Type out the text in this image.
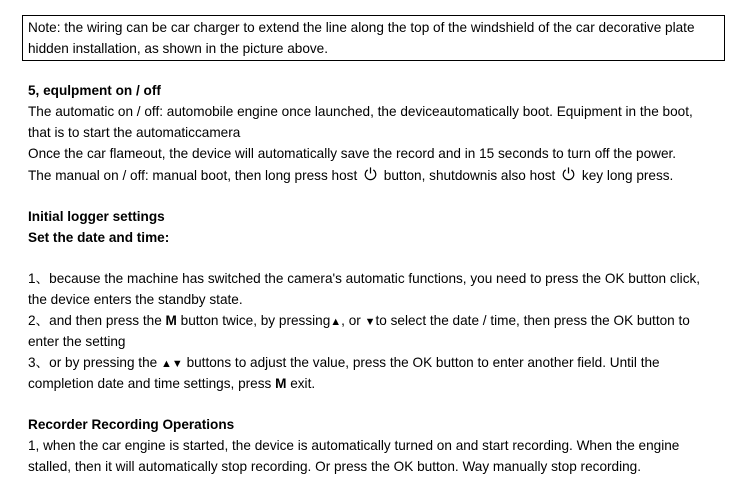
Note: the wiring can be car charger to extend the line along the top of the windshield of the car decorative plate
hidden installation, as shown in the picture above.
5, equlpment on / off
The automatic on / off: automobile engine once launched, the deviceautomatically boot. Equipment in the boot,
that is to start the automaticcamera
Once the car flameout, the device will automatically save the record and in 15 seconds to turn off the power.
The manual on / off: manual boot, then long press host button, shutdownis also host key long press.
Initial logger settings
Set the date and time:
1、because the machine has switched the camera's automatic functions, you need to press the OK button click,
the device enters the standby state.
2、and then press the M button twice, by pressing▲, or ▼to select the date / time, then press the OK button to
enter the setting
3、or by pressing the ▲▼ buttons to adjust the value, press the OK button to enter another field. Until the
completion date and time settings, press M exit.
Recorder Recording Operations
1, when the car engine is started, the device is automatically turned on and start recording. When the engine
stalled, then it will automatically stop recording. Or press the OK button. Way manually stop recording.
